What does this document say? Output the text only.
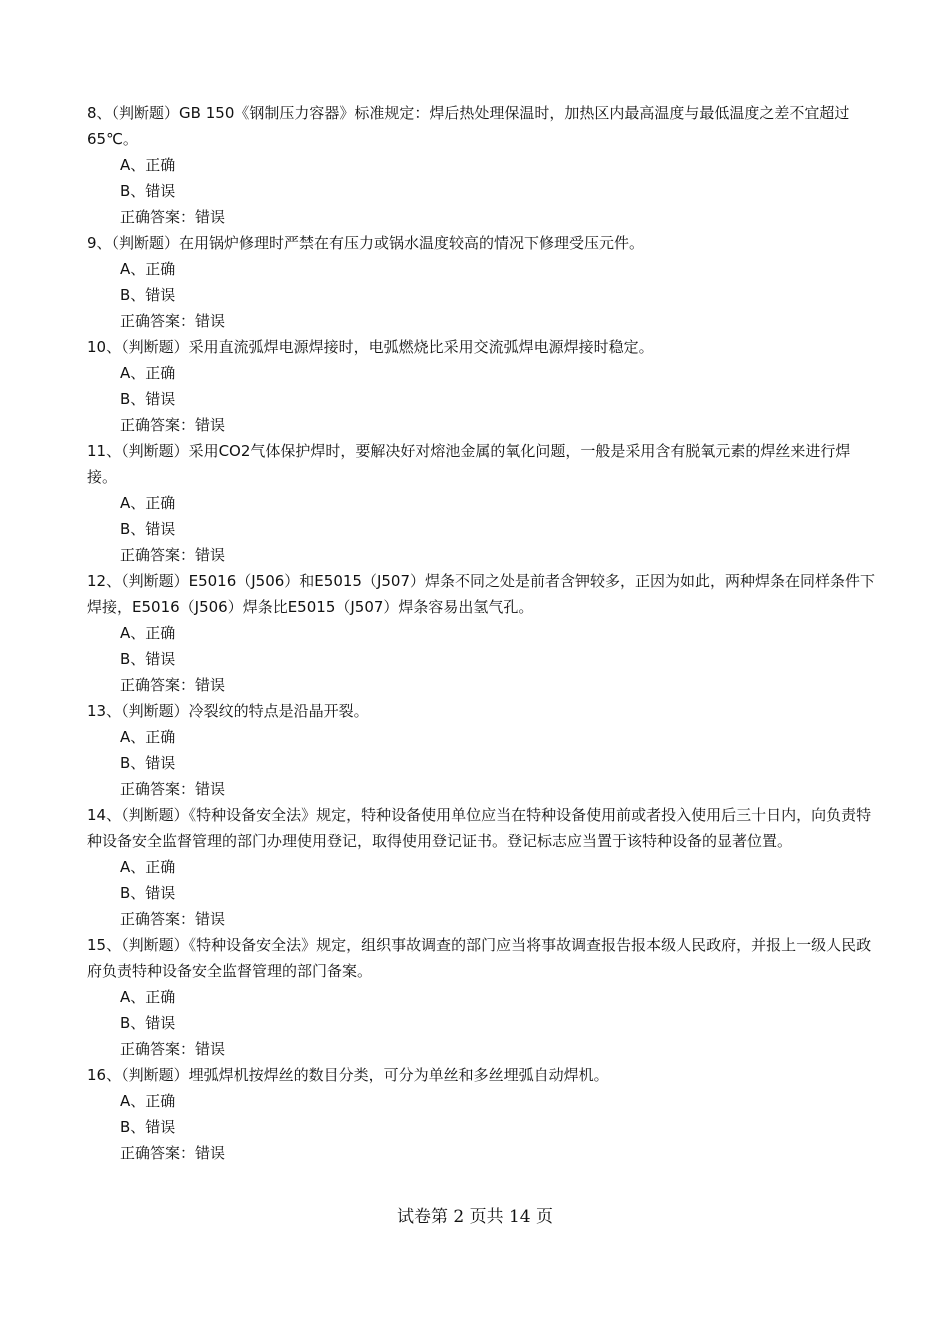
8、（判断题）GB 150《钢制压力容器》标准规定：焊后热处理保温时，加热区内最高温度与最低温度之差不宜超过65℃。
A、正确
B、错误
正确答案：错误
9、（判断题）在用锅炉修理时严禁在有压力或锅水温度较高的情况下修理受压元件。
A、正确
B、错误
正确答案：错误
10、（判断题）采用直流弧焊电源焊接时，电弧燃烧比采用交流弧焊电源焊接时稳定。
A、正确
B、错误
正确答案：错误
11、（判断题）采用CO2气体保护焊时，要解决好对熔池金属的氧化问题，一般是采用含有脱氧元素的焊丝来进行焊接。
A、正确
B、错误
正确答案：错误
12、（判断题）E5016（J506）和E5015（J507）焊条不同之处是前者含钾较多，正因为如此，两种焊条在同样条件下焊接，E5016（J506）焊条比E5015（J507）焊条容易出氢气孔。
A、正确
B、错误
正确答案：错误
13、（判断题）冷裂纹的特点是沿晶开裂。
A、正确
B、错误
正确答案：错误
14、（判断题）《特种设备安全法》规定，特种设备使用单位应当在特种设备使用前或者投入使用后三十日内，向负责特种设备安全监督管理的部门办理使用登记，取得使用登记证书。登记标志应当置于该特种设备的显著位置。
A、正确
B、错误
正确答案：错误
15、（判断题）《特种设备安全法》规定，组织事故调查的部门应当将事故调查报告报本级人民政府，并报上一级人民政府负责特种设备安全监督管理的部门备案。
A、正确
B、错误
正确答案：错误
16、（判断题）埋弧焊机按焊丝的数目分类，可分为单丝和多丝埋弧自动焊机。
A、正确
B、错误
正确答案：错误
试卷第 2 页共 14 页
